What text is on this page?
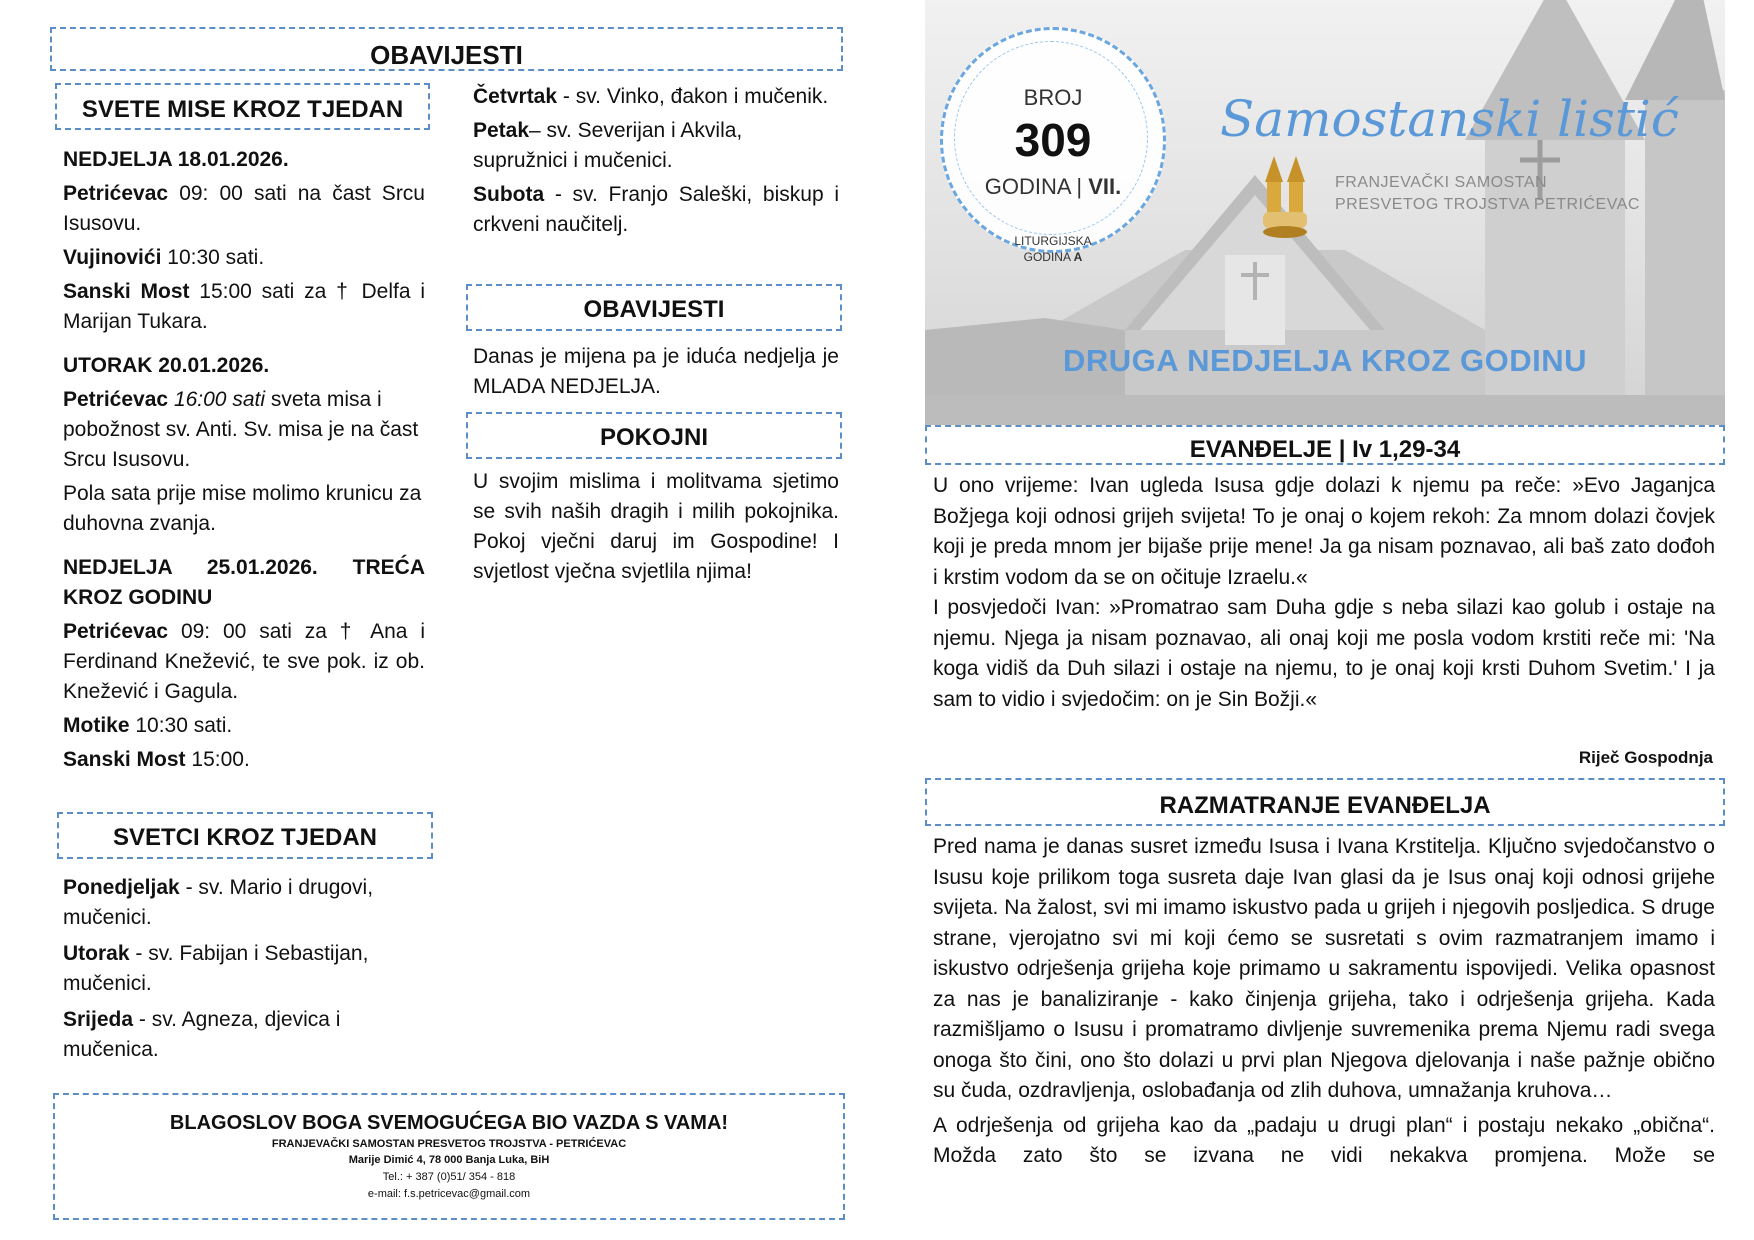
OBAVIJESTI
SVETE MISE KROZ TJEDAN

NEDJELJA 18.01.2026.

Petrićevac 09: 00 sati na čast Srcu Isusovu.

Vujinovići 10:30 sati.

Sanski Most 15:00 sati za † Delfa i Marijan Tukara.

UTORAK 20.01.2026.

Petrićevac 16:00 sati sveta misa i pobožnost sv. Anti. Sv. misa je na čast Srcu Isusovu.

Pola sata prije mise molimo krunicu za duhovna zvanja.

NEDJELJA 25.01.2026. TREĆA KROZ GODINU

Petrićevac 09: 00 sati za † Ana i Ferdinand Knežević, te sve pok. iz ob. Knežević i Gagula.

Motike 10:30 sati.

Sanski Most 15:00.

SVETCI KROZ TJEDAN

Ponedjeljak - sv. Mario i drugovi, mučenici.

Utorak - sv. Fabijan i Sebastijan, mučenici.

Srijeda - sv. Agneza, djevica i mučenica.

Četvrtak - sv. Vinko, đakon i mučenik.

Petak– sv. Severijan i Akvila, supružnici i mučenici.

Subota - sv. Franjo Saleški, biskup i crkveni naučitelj.

OBAVIJESTI
Danas je mijena pa je iduća nedjelja je MLADA NEDJELJA.
POKOJNI
U svojim mislima i molitvama sjetimo se svih naših dragih i milih pokojnika. Pokoj vječni daruj im Gospodine! I svjetlost vječna svjetlila njima!
BLAGOSLOV BOGA SVEMOGUĆEGA BIO VAZDA S VAMA!
FRANJEVAČKI SAMOSTAN PRESVETOG TROJSTVA - PETRIĆEVAC
Marije Dimić 4, 78 000 Banja Luka, BiH
Tel.: + 387 (0)51/ 354 - 818
e-mail: f.s.petricevac@gmail.com
BROJ
309
GODINA | VII.
LITURGIJSKA
GODINA A
Samostanski listić
FRANJEVAČKI SAMOSTAN
PRESVETOG TROJSTVA PETRIĆEVAC
DRUGA NEDJELJA KROZ GODINU
EVANĐELJE | Iv 1,29-34

U ono vrijeme: Ivan ugleda Isusa gdje dolazi k njemu pa reče: »Evo Jaganjca Božjega koji odnosi grijeh svijeta! To je onaj o kojem rekoh: Za mnom dolazi čovjek koji je preda mnom jer bijaše prije mene! Ja ga nisam poznavao, ali baš zato dođoh i krstim vodom da se on očituje Izraelu.«

I posvjedoči Ivan: »Promatrao sam Duha gdje s neba silazi kao golub i ostaje na njemu. Njega ja nisam poznavao, ali onaj koji me posla vodom krstiti reče mi: 'Na koga vidiš da Duh silazi i ostaje na njemu, to je onaj koji krsti Duhom Svetim.' I ja sam to vidio i svjedočim: on je Sin Božji.«

Riječ Gospodnja
RAZMATRANJE EVANĐELJA

Pred nama je danas susret između Isusa i Ivana Krstitelja. Ključno svjedočanstvo o Isusu koje prilikom toga susreta daje Ivan glasi da je Isus onaj koji odnosi grijehe svijeta. Na žalost, svi mi imamo iskustvo pada u grijeh i njegovih posljedica. S druge strane, vjerojatno svi mi koji ćemo se susretati s ovim razmatranjem imamo i iskustvo odrješenja grijeha koje primamo u sakramentu ispovijedi. Velika opasnost za nas je banaliziranje - kako činjenja grijeha, tako i odrješenja grijeha. Kada razmišljamo o Isusu i promatramo divljenje suvremenika prema Njemu radi svega onoga što čini, ono što dolazi u prvi plan Njegova djelovanja i naše pažnje obično su čuda, ozdravljenja, oslobađanja od zlih duhova, umnažanja kruhova…

A odrješenja od grijeha kao da „padaju u drugi plan“ i postaju nekako „obična“. Možda zato što se izvana ne vidi nekakva promjena. Može se
